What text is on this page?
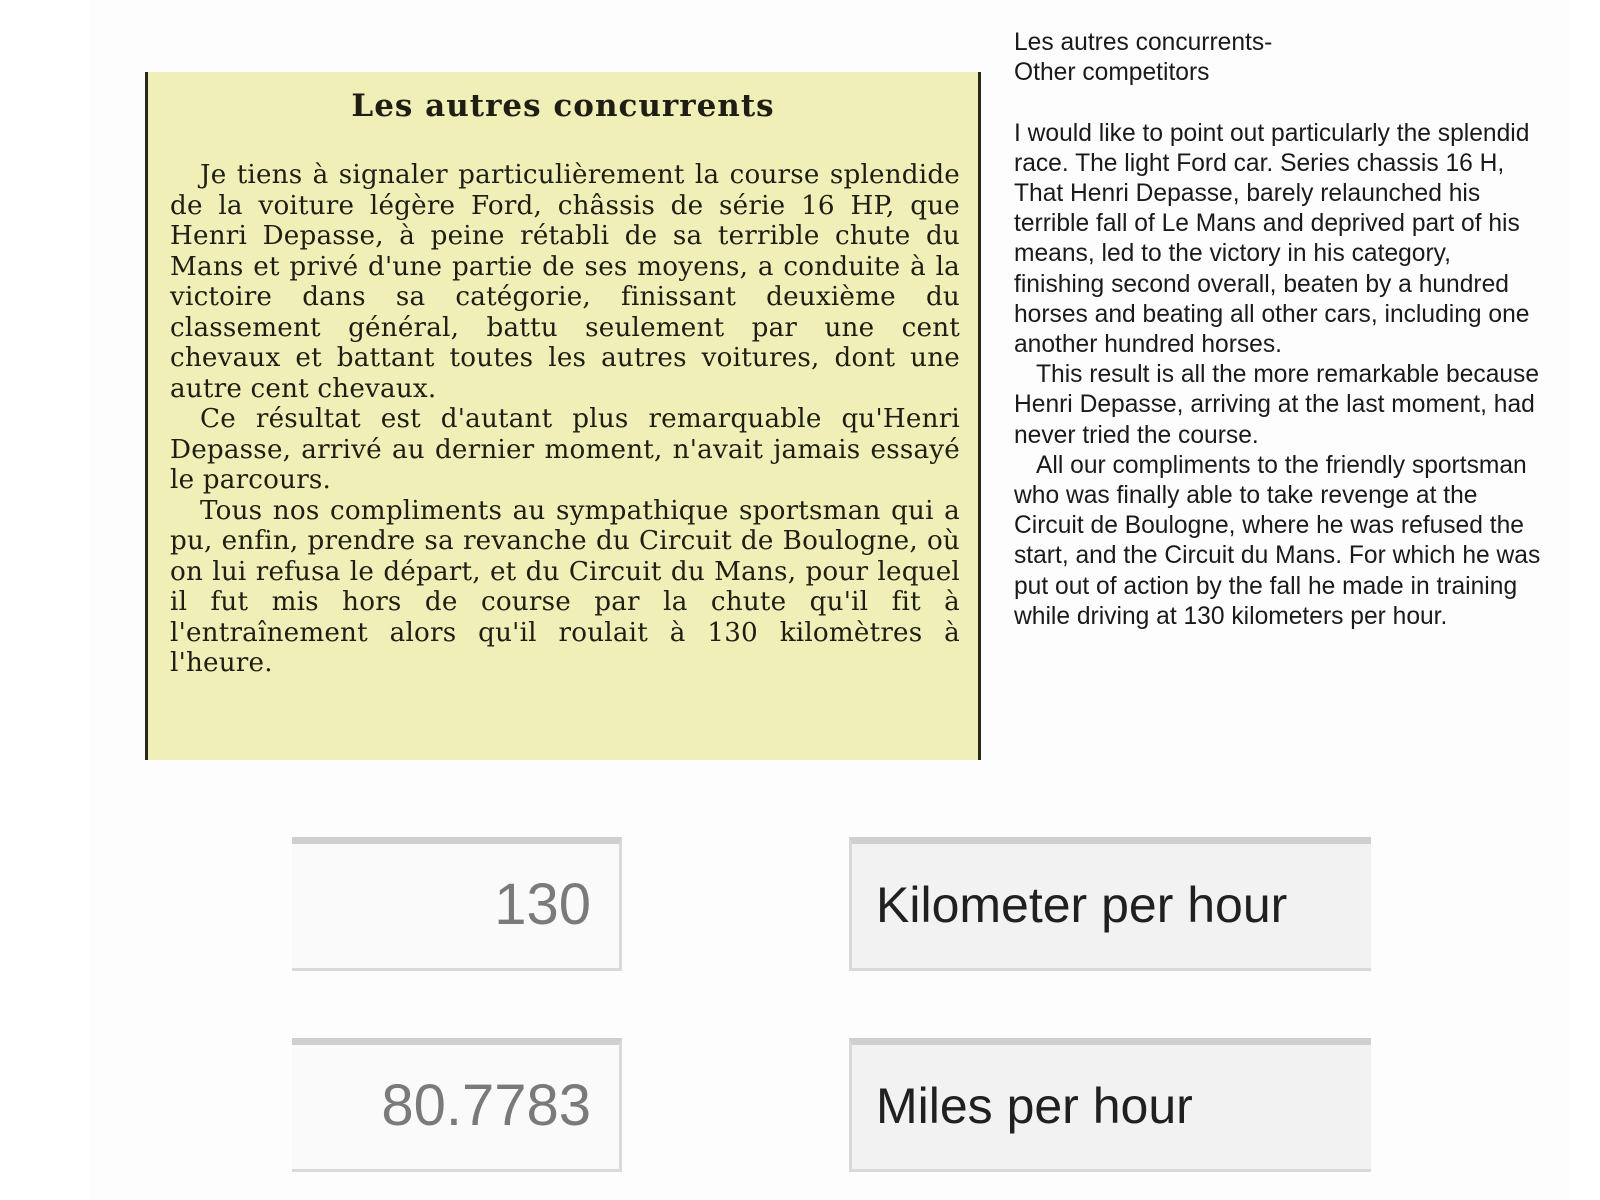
Les autres concurrents

Je tiens à signaler particulièrement la course splendide de la voiture légère Ford, châssis de série 16 HP, que Henri Depasse, à peine rétabli de sa terrible chute du Mans et privé d'une partie de ses moyens, a conduite à la victoire dans sa catégorie, finissant deuxième du classement général, battu seulement par une cent chevaux et battant toutes les autres voitures, dont une autre cent chevaux.

Ce résultat est d'autant plus remarquable qu'Henri Depasse, arrivé au dernier moment, n'avait jamais essayé le parcours.

Tous nos compliments au sympathique sportsman qui a pu, enfin, prendre sa revanche du Circuit de Boulogne, où on lui refusa le départ, et du Circuit du Mans, pour lequel il fut mis hors de course par la chute qu'il fit à l'entraînement alors qu'il roulait à 130 kilomètres à l'heure.

Les autres concurrents-

Other competitors

I would like to point out particularly the splendid race. The light Ford car. Series chassis 16 H, That Henri Depasse, barely relaunched his terrible fall of Le Mans and deprived part of his means, led to the victory in his category, finishing second overall, beaten by a hundred horses and beating all other cars, including one another hundred horses.

This result is all the more remarkable because Henri Depasse, arriving at the last moment, had never tried the course.

All our compliments to the friendly sportsman who was finally able to take revenge at the Circuit de Boulogne, where he was refused the start, and the Circuit du Mans. For which he was put out of action by the fall he made in training while driving at 130 kilometers per hour.

130	Kilometer per hour
80.7783	Miles per hour
